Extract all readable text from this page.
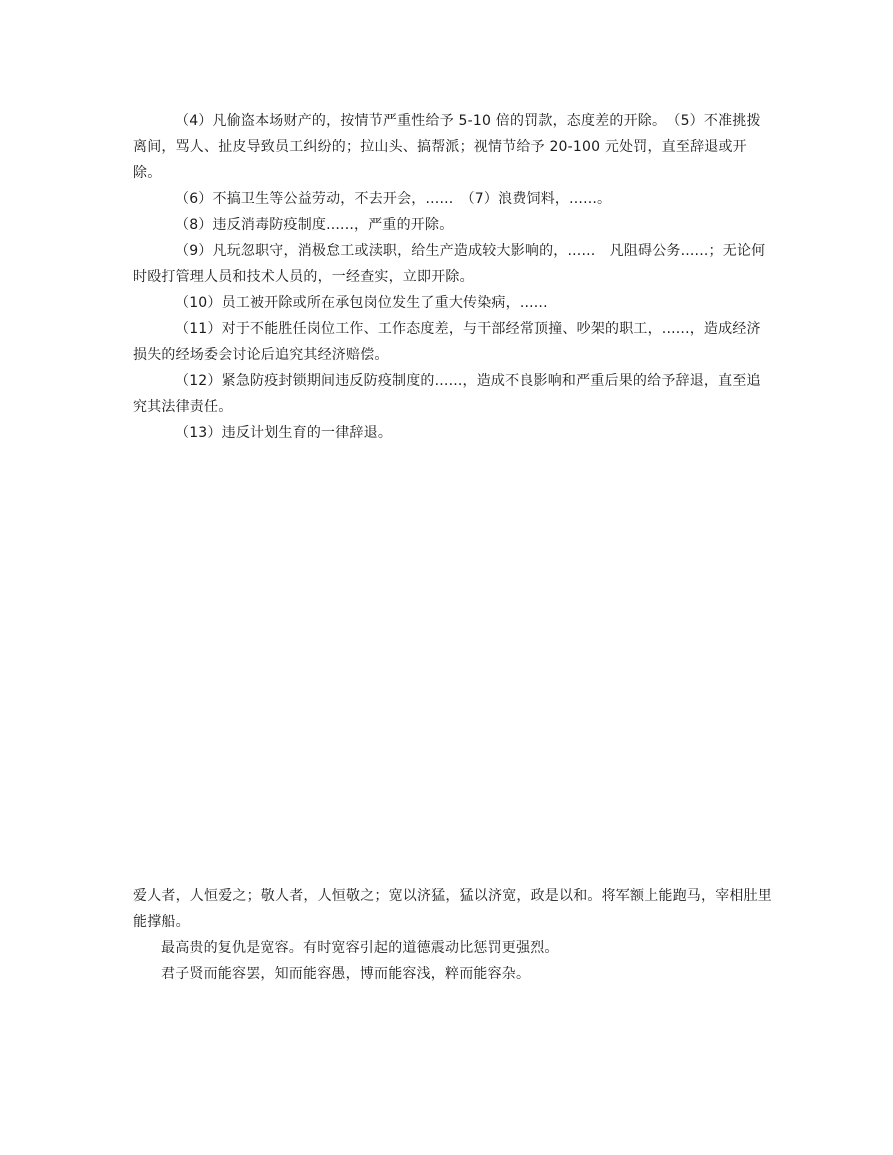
（4）凡偷盗本场财产的，按情节严重性给予 5-10 倍的罚款，态度差的开除。　（5）不准挑拨离间，骂人、扯皮导致员工纠纷的；拉山头、搞帮派；视情节给予 20-100 元处罚，直至辞退或开除。

（6）不搞卫生等公益劳动，不去开会，......　（7）浪费饲料，......。

（8）违反消毒防疫制度......，严重的开除。

（9）凡玩忽职守，消极怠工或渎职，给生产造成较大影响的，......　凡阻碍公务......；无论何时殴打管理人员和技术人员的，一经查实，立即开除。

（10）员工被开除或所在承包岗位发生了重大传染病，......

（11）对于不能胜任岗位工作、工作态度差，与干部经常顶撞、吵架的职工，......，造成经济损失的经场委会讨论后追究其经济赔偿。

（12）紧急防疫封锁期间违反防疫制度的......，造成不良影响和严重后果的给予辞退，直至追究其法律责任。

（13）违反计划生育的一律辞退。

爱人者，人恒爱之；敬人者，人恒敬之；宽以济猛，猛以济宽，政是以和。将军额上能跑马，宰相肚里能撑船。

最高贵的复仇是宽容。有时宽容引起的道德震动比惩罚更强烈。

君子贤而能容罢，知而能容愚，博而能容浅，粹而能容杂。
